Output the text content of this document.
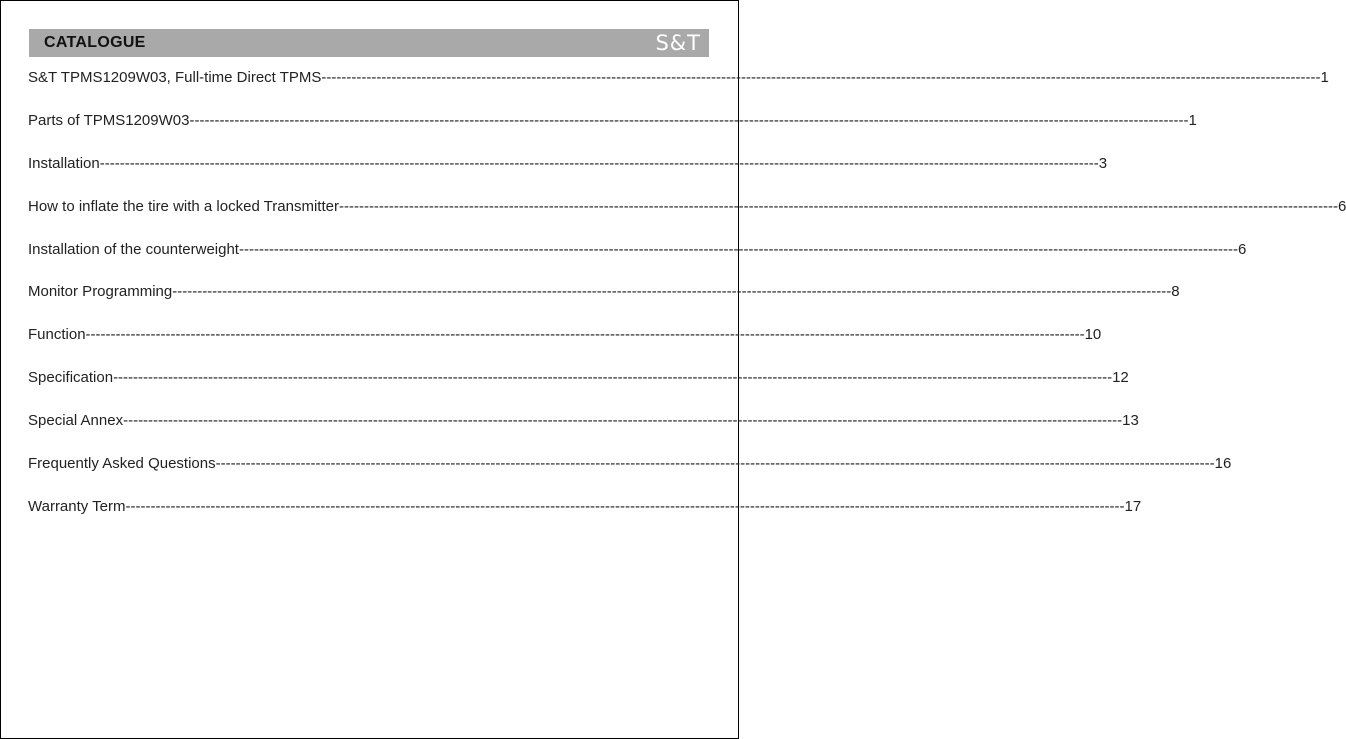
CATALOGUE	S&T
S&T TPMS1209W03, Full-time Direct TPMS -------------------------------------------------------------------------------------------------------------------------------------------------------------------------------------------------------- 1
Parts of TPMS1209W03 -------------------------------------------------------------------------------------------------------------------------------------------------------------------------------------------------------- 1
Installation -------------------------------------------------------------------------------------------------------------------------------------------------------------------------------------------------------- 3
How to inflate the tire with a locked Transmitter -------------------------------------------------------------------------------------------------------------------------------------------------------------------------------------------------------- 6
Installation of the counterweight -------------------------------------------------------------------------------------------------------------------------------------------------------------------------------------------------------- 6
Monitor Programming -------------------------------------------------------------------------------------------------------------------------------------------------------------------------------------------------------- 8
Function -------------------------------------------------------------------------------------------------------------------------------------------------------------------------------------------------------- 10
Specification -------------------------------------------------------------------------------------------------------------------------------------------------------------------------------------------------------- 12
Special Annex -------------------------------------------------------------------------------------------------------------------------------------------------------------------------------------------------------- 13
Frequently Asked Questions -------------------------------------------------------------------------------------------------------------------------------------------------------------------------------------------------------- 16
Warranty Term -------------------------------------------------------------------------------------------------------------------------------------------------------------------------------------------------------- 17
